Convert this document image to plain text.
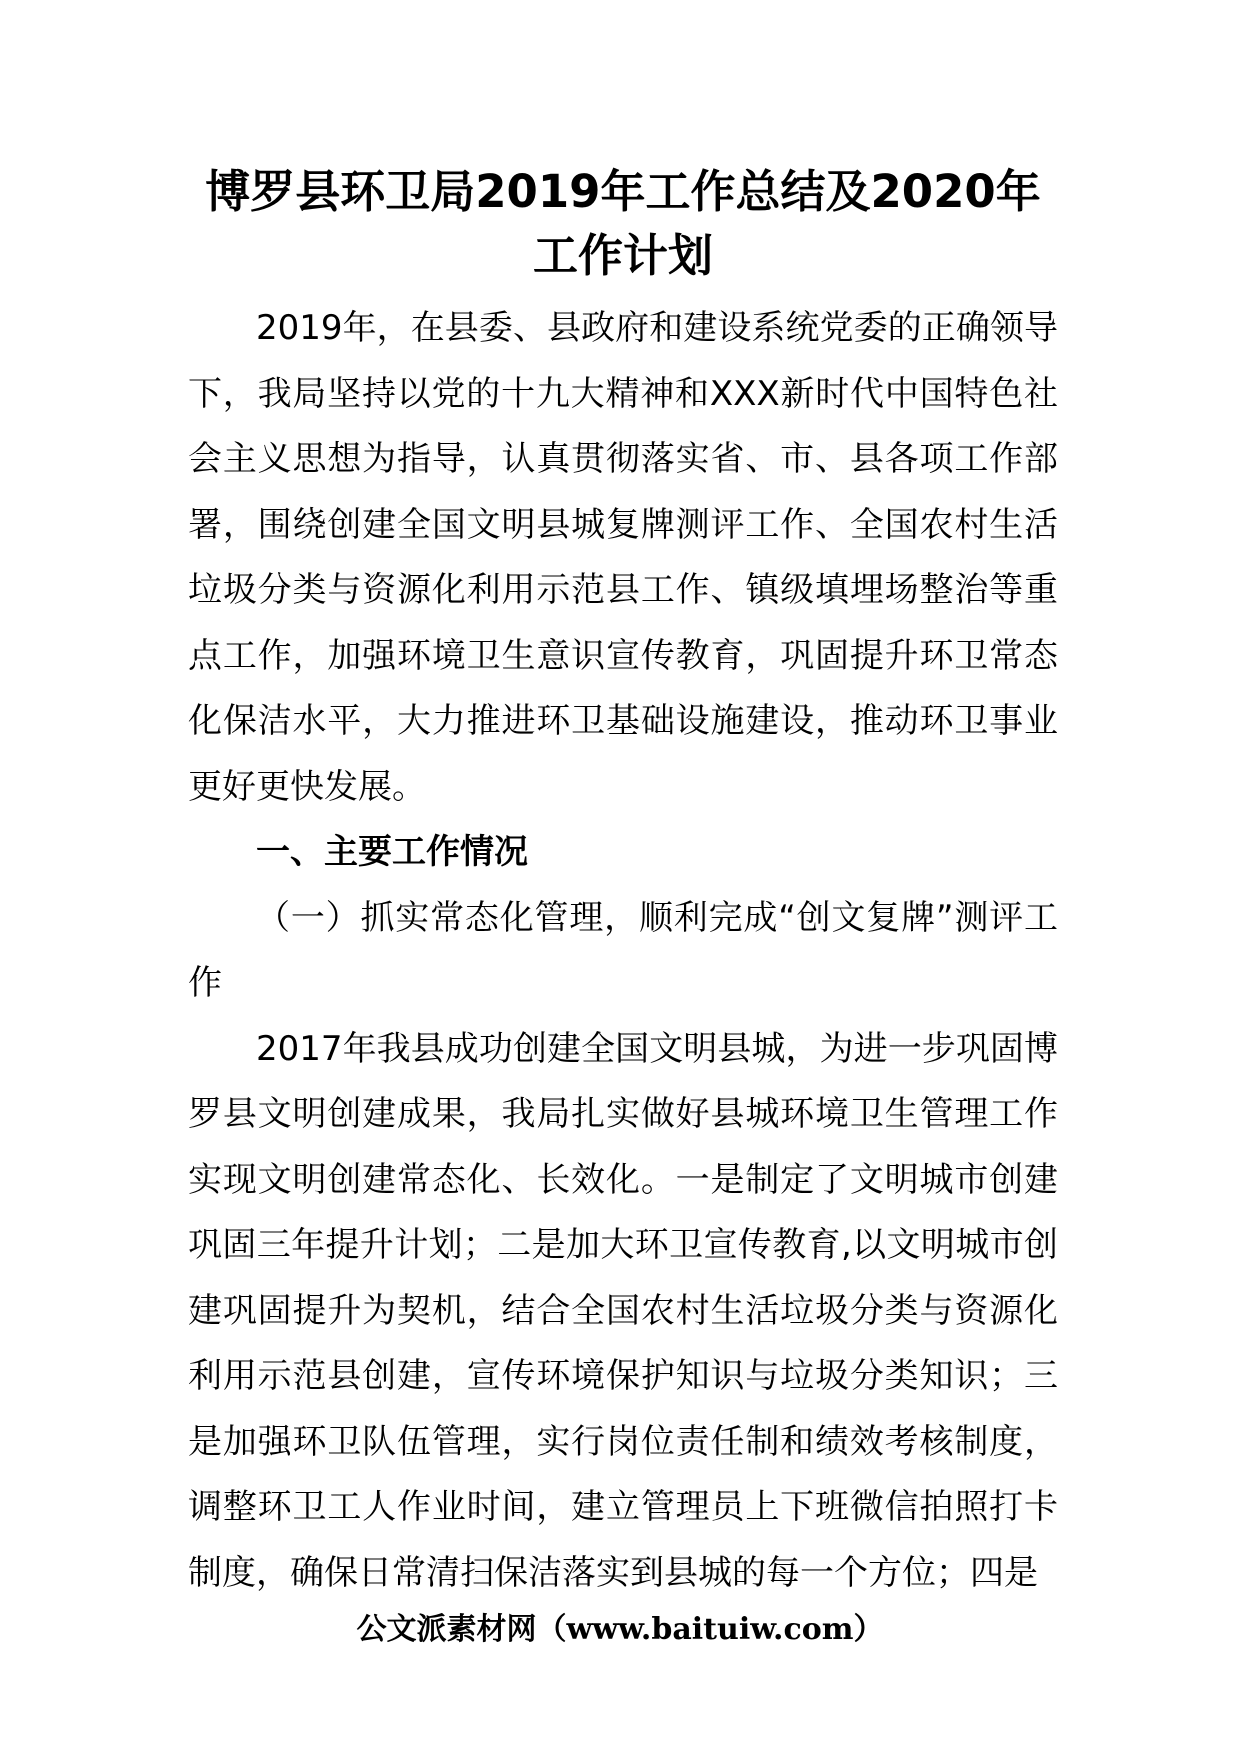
博罗县环卫局2019年工作总结及2020年工作计划

2019年，在县委、县政府和建设系统党委的正确领导下，我局坚持以党的十九大精神和XXX新时代中国特色社会主义思想为指导，认真贯彻落实省、市、县各项工作部署，围绕创建全国文明县城复牌测评工作、全国农村生活垃圾分类与资源化利用示范县工作、镇级填埋场整治等重点工作，加强环境卫生意识宣传教育，巩固提升环卫常态化保洁水平，大力推进环卫基础设施建设，推动环卫事业更好更快发展。

一、主要工作情况

（一）抓实常态化管理，顺利完成“创文复牌”测评工作

2017年我县成功创建全国文明县城，为进一步巩固博罗县文明创建成果，我局扎实做好县城环境卫生管理工作实现文明创建常态化、长效化。一是制定了文明城市创建巩固三年提升计划；二是加大环卫宣传教育,以文明城市创建巩固提升为契机，结合全国农村生活垃圾分类与资源化利用示范县创建，宣传环境保护知识与垃圾分类知识；三是加强环卫队伍管理，实行岗位责任制和绩效考核制度，调整环卫工人作业时间，建立管理员上下班微信拍照打卡制度，确保日常清扫保洁落实到县城的每一个方位；四是

公文派素材网（www.baituiw.com）
